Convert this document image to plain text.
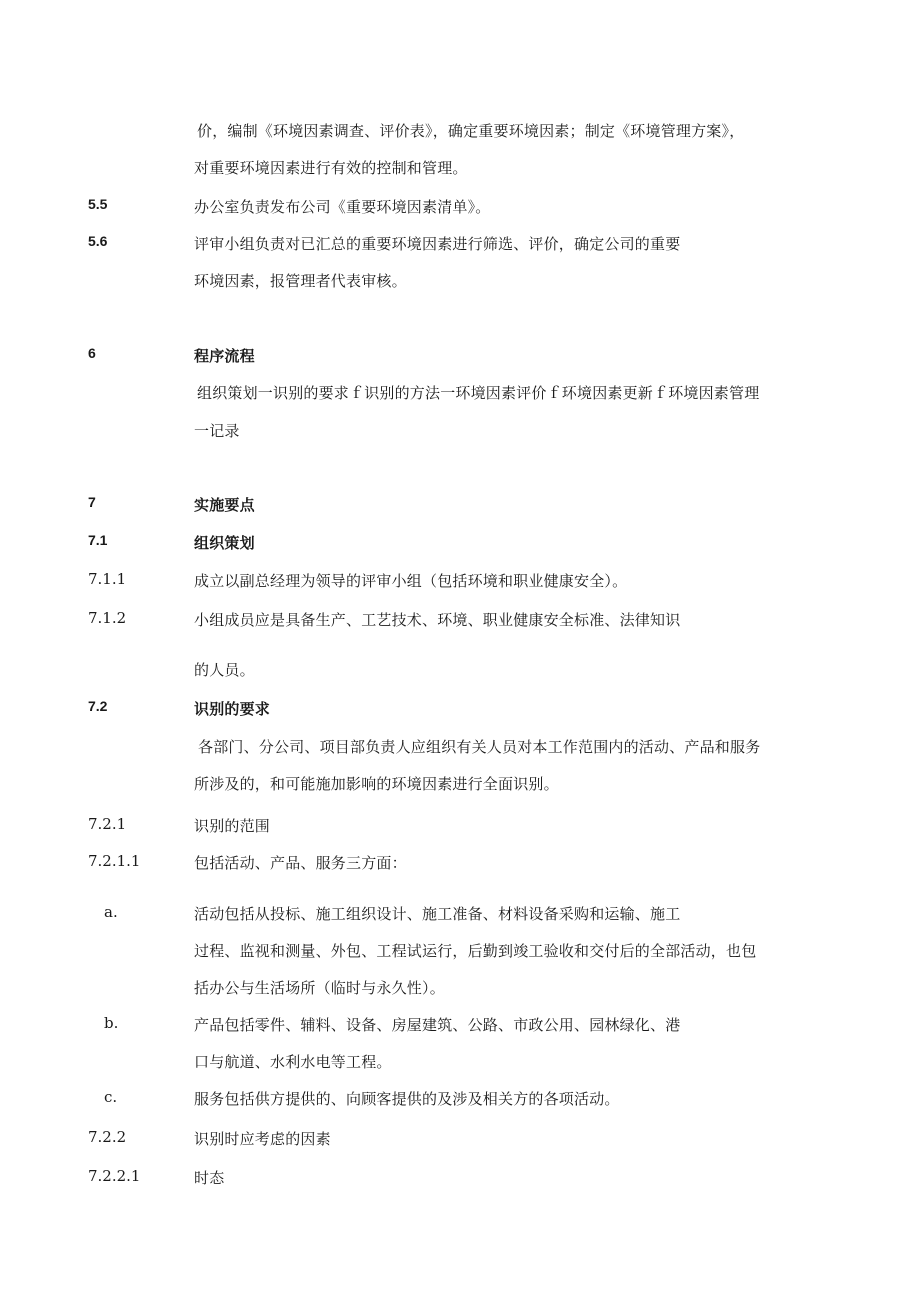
价，编制《环境因素调查、评价表》，确定重要环境因素；制定《环境管理方案》，
对重要环境因素进行有效的控制和管理。
5.5	办公室负责发布公司《重要环境因素清单》。
5.6	评审小组负责对已汇总的重要环境因素进行筛选、评价，确定公司的重要
环境因素，报管理者代表审核。
6	程序流程
组织策划一识别的要求ｆ识别的方法一环境因素评价ｆ环境因素更新ｆ环境因素管理
一记录
7	实施要点
7.1	组织策划
7.1.1	成立以副总经理为领导的评审小组（包括环境和职业健康安全）。
7.1.2	小组成员应是具备生产、工艺技术、环境、职业健康安全标准、法律知识
的人员。
7.2	识别的要求
各部门、分公司、项目部负责人应组织有关人员对本工作范围内的活动、产品和服务
所涉及的，和可能施加影响的环境因素进行全面识别。
7.2.1	识别的范围
7.2.1.1	包括活动、产品、服务三方面：
a.	活动包括从投标、施工组织设计、施工准备、材料设备采购和运输、施工
过程、监视和测量、外包、工程试运行，后勤到竣工验收和交付后的全部活动，也包
括办公与生活场所（临时与永久性）。
b.	产品包括零件、辅料、设备、房屋建筑、公路、市政公用、园林绿化、港
口与航道、水利水电等工程。
c.	服务包括供方提供的、向顾客提供的及涉及相关方的各项活动。
7.2.2	识别时应考虑的因素
7.2.2.1	时态
